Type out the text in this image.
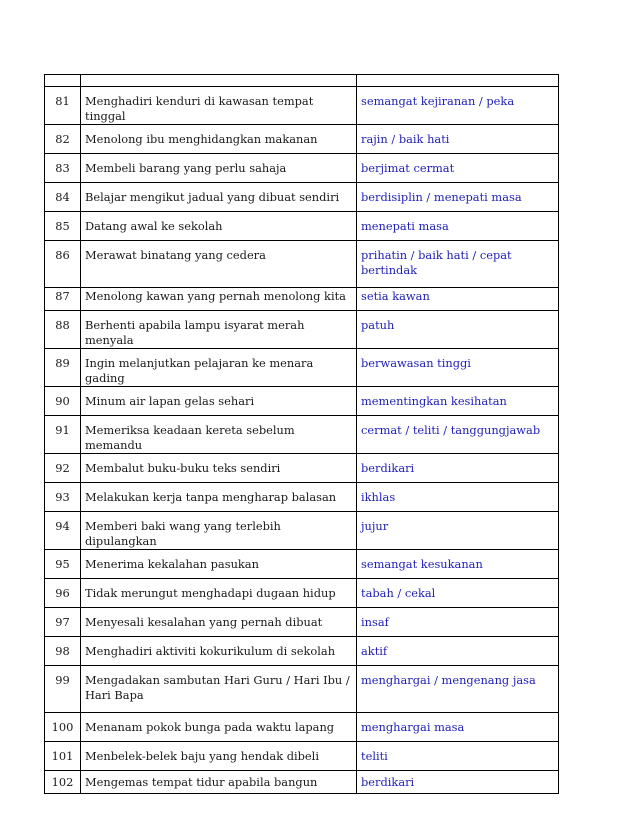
81	Menghadiri kenduri di kawasan tempat tinggal	semangat kejiranan / peka
82	Menolong ibu menghidangkan makanan	rajin / baik hati
83	Membeli barang yang perlu sahaja	berjimat cermat
84	Belajar mengikut jadual yang dibuat sendiri	berdisiplin / menepati masa
85	Datang awal ke sekolah	menepati masa
86	Merawat binatang yang cedera	prihatin / baik hati / cepat bertindak
87	Menolong kawan yang pernah menolong kita	setia kawan
88	Berhenti apabila lampu isyarat merah menyala	patuh
89	Ingin melanjutkan pelajaran ke menara gading	berwawasan tinggi
90	Minum air lapan gelas sehari	mementingkan kesihatan
91	Memeriksa keadaan kereta sebelum memandu	cermat / teliti / tanggungjawab
92	Membalut buku-buku teks sendiri	berdikari
93	Melakukan kerja tanpa mengharap balasan	ikhlas
94	Memberi baki wang yang terlebih dipulangkan	jujur
95	Menerima kekalahan pasukan	semangat kesukanan
96	Tidak merungut menghadapi dugaan hidup	tabah / cekal
97	Menyesali kesalahan yang pernah dibuat	insaf
98	Menghadiri aktiviti kokurikulum di sekolah	aktif
99	Mengadakan sambutan Hari Guru / Hari Ibu / Hari Bapa	menghargai / mengenang jasa
100	Menanam pokok bunga pada waktu lapang	menghargai masa
101	Menbelek-belek baju yang hendak dibeli	teliti
102	Mengemas tempat tidur apabila bangun	berdikari
